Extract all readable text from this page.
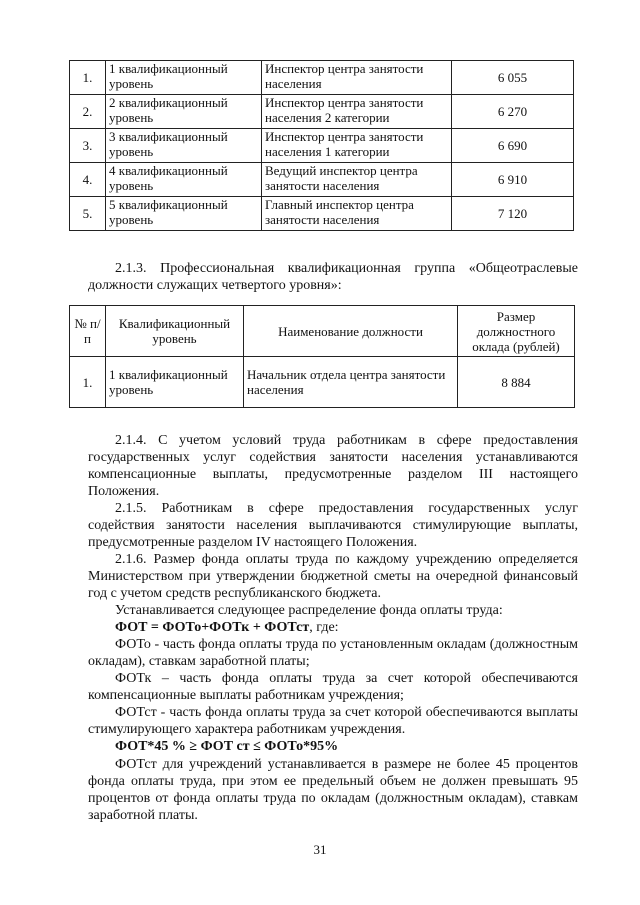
1.	1 квалификационный уровень	Инспектор центра занятости населения	6 055
2.	2 квалификационный уровень	Инспектор центра занятости населения 2 категории	6 270
3.	3 квалификационный уровень	Инспектор центра занятости населения 1 категории	6 690
4.	4 квалификационный уровень	Ведущий инспектор центра занятости населения	6 910
5.	5 квалификационный уровень	Главный инспектор центра занятости населения	7 120
2.1.3. Профессиональная квалификационная группа «Общеотраслевые должности служащих четвертого уровня»:
№ п/п	Квалификационный уровень	Наименование должности	Размер должностного оклада (рублей)
1.	1 квалификационный уровень	Начальник отдела центра занятости населения	8 884
2.1.4. С учетом условий труда работникам в сфере предоставления государственных услуг содействия занятости населения устанавливаются компенсационные выплаты, предусмотренные разделом III настоящего Положения.
2.1.5. Работникам в сфере предоставления государственных услуг содействия занятости населения выплачиваются стимулирующие выплаты, предусмотренные разделом IV настоящего Положения.
2.1.6. Размер фонда оплаты труда по каждому учреждению определяется Министерством при утверждении бюджетной сметы на очередной финансовый год с учетом средств республиканского бюджета.
Устанавливается следующее распределение фонда оплаты труда:
ФОТ = ФОТо+ФОТк + ФОТст, где:
ФОТо - часть фонда оплаты труда по установленным окладам (должностным окладам), ставкам заработной платы;
ФОТк – часть фонда оплаты труда за счет которой обеспечиваются компенсационные выплаты работникам учреждения;
ФОТст - часть фонда оплаты труда за счет которой обеспечиваются выплаты стимулирующего характера работникам учреждения.
ФОТ*45 % ≥ ФОТ ст ≤ ФОТо*95%
ФОТст для учреждений устанавливается в размере не более 45 процентов фонда оплаты труда, при этом ее предельный объем не должен превышать 95 процентов от фонда оплаты труда по окладам (должностным окладам), ставкам заработной платы.
31
